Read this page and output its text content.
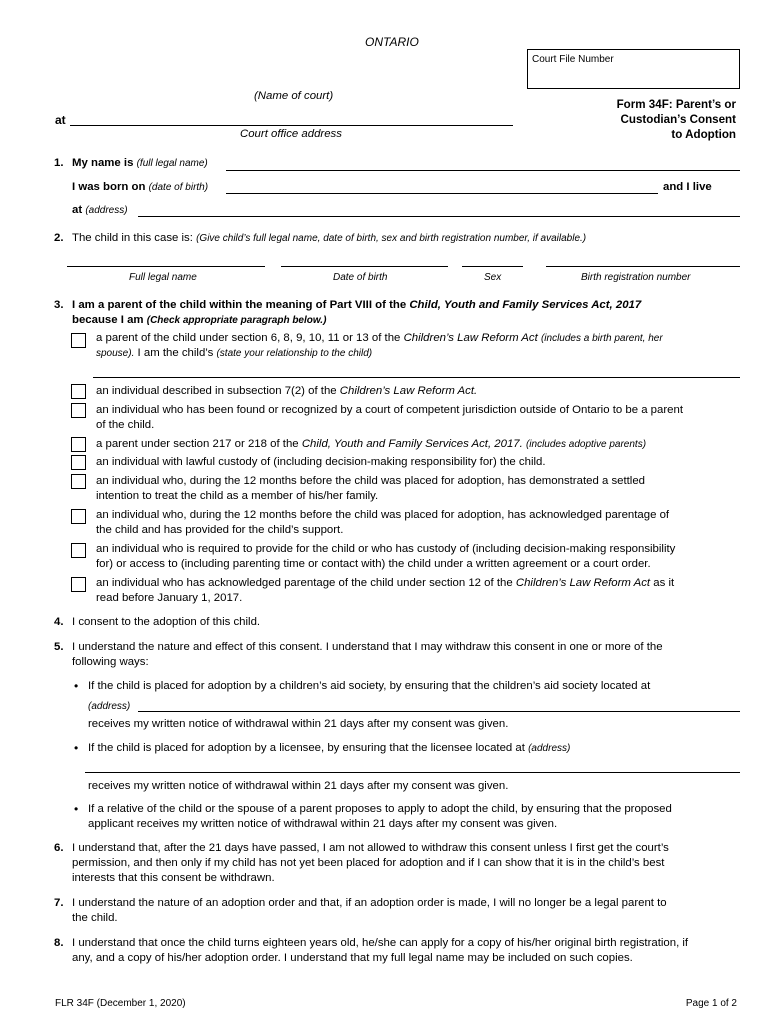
ONTARIO
Court File Number
(Name of court)
at
Court office address
Form 34F: Parent’s or
Custodian’s Consent
to Adoption
1. My name is (full legal name)
I was born on (date of birth)	and I live
at (address)
2. The child in this case is: (Give child’s full legal name, date of birth, sex and birth registration number, if available.)
Full legal name	Date of birth	Sex	Birth registration number
3. I am a parent of the child within the meaning of Part VIII of the Child, Youth and Family Services Act, 2017
because I am (Check appropriate paragraph below.)
a parent of the child under section 6, 8, 9, 10, 11 or 13 of the Children’s Law Reform Act (includes a birth parent, her
spouse). I am the child’s (state your relationship to the child)
an individual described in subsection 7(2) of the Children’s Law Reform Act.
an individual who has been found or recognized by a court of competent jurisdiction outside of Ontario to be a parent
of the child.
a parent under section 217 or 218 of the Child, Youth and Family Services Act, 2017. (includes adoptive parents)
an individual with lawful custody of (including decision-making responsibility for) the child.
an individual who, during the 12 months before the child was placed for adoption, has demonstrated a settled
intention to treat the child as a member of his/her family.
an individual who, during the 12 months before the child was placed for adoption, has acknowledged parentage of
the child and has provided for the child’s support.
an individual who is required to provide for the child or who has custody of (including decision-making responsibility
for) or access to (including parenting time or contact with) the child under a written agreement or a court order.
an individual who has acknowledged parentage of the child under section 12 of the Children’s Law Reform Act as it
read before January 1, 2017.
4. I consent to the adoption of this child.
5. I understand the nature and effect of this consent. I understand that I may withdraw this consent in one or more of the
following ways:
• If the child is placed for adoption by a children’s aid society, by ensuring that the children’s aid society located at
(address)
receives my written notice of withdrawal within 21 days after my consent was given.
• If the child is placed for adoption by a licensee, by ensuring that the licensee located at (address)
receives my written notice of withdrawal within 21 days after my consent was given.
• If a relative of the child or the spouse of a parent proposes to apply to adopt the child, by ensuring that the proposed
applicant receives my written notice of withdrawal within 21 days after my consent was given.
6. I understand that, after the 21 days have passed, I am not allowed to withdraw this consent unless I first get the court’s
permission, and then only if my child has not yet been placed for adoption and if I can show that it is in the child’s best
interests that this consent be withdrawn.
7. I understand the nature of an adoption order and that, if an adoption order is made, I will no longer be a legal parent to
the child.
8. I understand that once the child turns eighteen years old, he/she can apply for a copy of his/her original birth registration, if
any, and a copy of his/her adoption order. I understand that my full legal name may be included on such copies.
FLR 34F (December 1, 2020)	Page 1 of 2
